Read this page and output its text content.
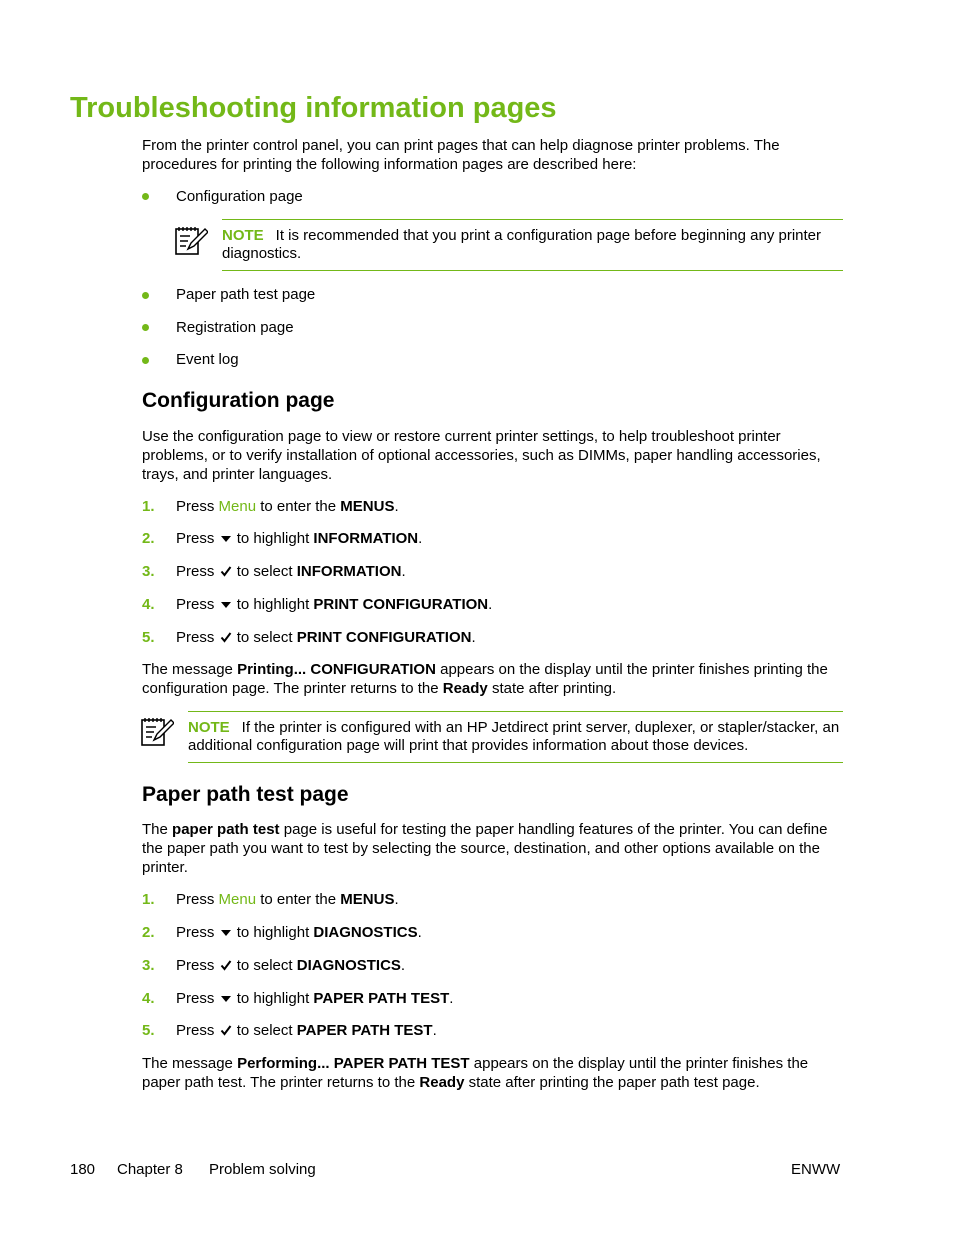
Troubleshooting information pages

From the printer control panel, you can print pages that can help diagnose printer problems. The procedures for printing the following information pages are described here:

Configuration page
NOTE It is recommended that you print a configuration page before beginning any printer diagnostics.
Paper path test page
Registration page
Event log
Configuration page

Use the configuration page to view or restore current printer settings, to help troubleshoot printer problems, or to verify installation of optional accessories, such as DIMMs, paper handling accessories, trays, and printer languages.

1. Press Menu to enter the MENUS.
2. Press to highlight INFORMATION.
3. Press to select INFORMATION.
4. Press to highlight PRINT CONFIGURATION.
5. Press to select PRINT CONFIGURATION.

The message Printing... CONFIGURATION appears on the display until the printer finishes printing the configuration page. The printer returns to the Ready state after printing.

NOTE If the printer is configured with an HP Jetdirect print server, duplexer, or stapler/stacker, an additional configuration page will print that provides information about those devices.
Paper path test page

The paper path test page is useful for testing the paper handling features of the printer. You can define the paper path you want to test by selecting the source, destination, and other options available on the printer.

1. Press Menu to enter the MENUS.
2. Press to highlight DIAGNOSTICS.
3. Press to select DIAGNOSTICS.
4. Press to highlight PAPER PATH TEST.
5. Press to select PAPER PATH TEST.

The message Performing... PAPER PATH TEST appears on the display until the printer finishes the paper path test. The printer returns to the Ready state after printing the paper path test page.

180 Chapter 8 Problem solving	ENWW
